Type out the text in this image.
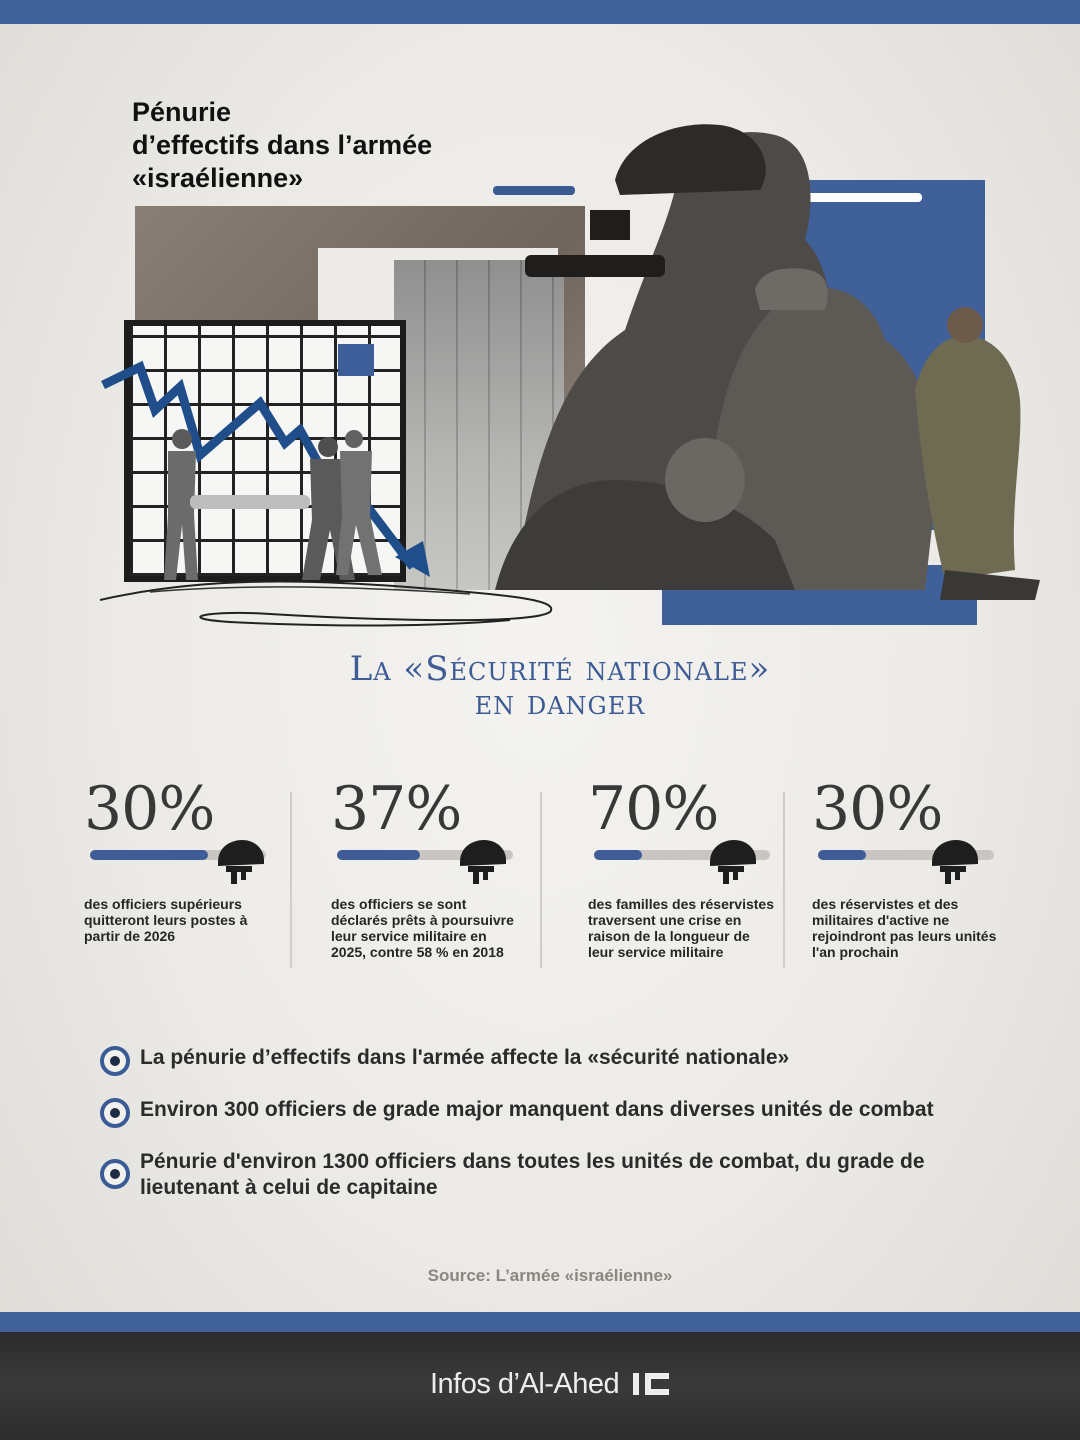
Pénurie
d’effectifs dans l’armée
«israélienne»
La «Sécurité nationale»
en danger
30%
des officiers supérieurs quitteront leurs postes à partir de 2026
37%
des officiers se sont déclarés prêts à poursuivre leur service militaire en 2025, contre 58 % en 2018
70%
des familles des réservistes traversent une crise en raison de la longueur de leur service militaire
30%
des réservistes et des militaires d'active ne rejoindront pas leurs unités l'an prochain
La pénurie d’effectifs dans l'armée affecte la «sécurité nationale»
Environ 300 officiers de grade major manquent dans diverses unités de combat
Pénurie d'environ 1300 officiers dans toutes les unités de combat, du grade de lieutenant à celui de capitaine
Source: L’armée «israélienne»
Infos d’Al-Ahed
